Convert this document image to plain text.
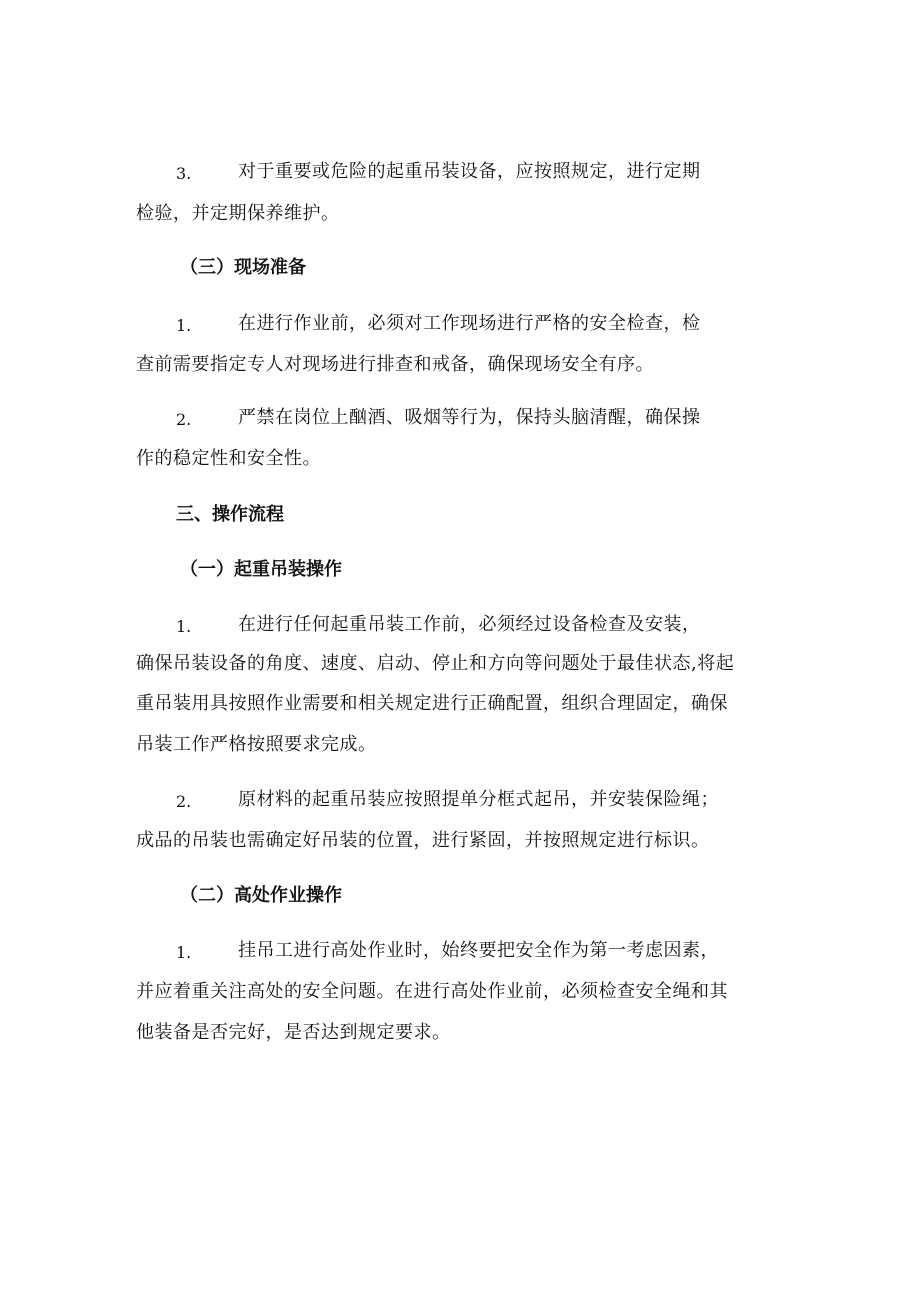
3.	对于重要或危险的起重吊装设备，应按照规定，进行定期
检验，并定期保养维护。
（三）现场准备
1.	在进行作业前，必须对工作现场进行严格的安全检查，检
查前需要指定专人对现场进行排查和戒备，确保现场安全有序。
2.	严禁在岗位上酗酒、吸烟等行为，保持头脑清醒，确保操
作的稳定性和安全性。
三、操作流程
（一）起重吊装操作
1.	在进行任何起重吊装工作前，必须经过设备检查及安装，
确保吊装设备的角度、速度、启动、停止和方向等问题处于最佳状态,将起
重吊装用具按照作业需要和相关规定进行正确配置，组织合理固定，确保
吊装工作严格按照要求完成。
2.	原材料的起重吊装应按照提单分框式起吊，并安装保险绳；
成品的吊装也需确定好吊装的位置，进行紧固，并按照规定进行标识。
（二）高处作业操作
1.	挂吊工进行高处作业时，始终要把安全作为第一考虑因素，
并应着重关注高处的安全问题。在进行高处作业前，必须检查安全绳和其
他装备是否完好，是否达到规定要求。
